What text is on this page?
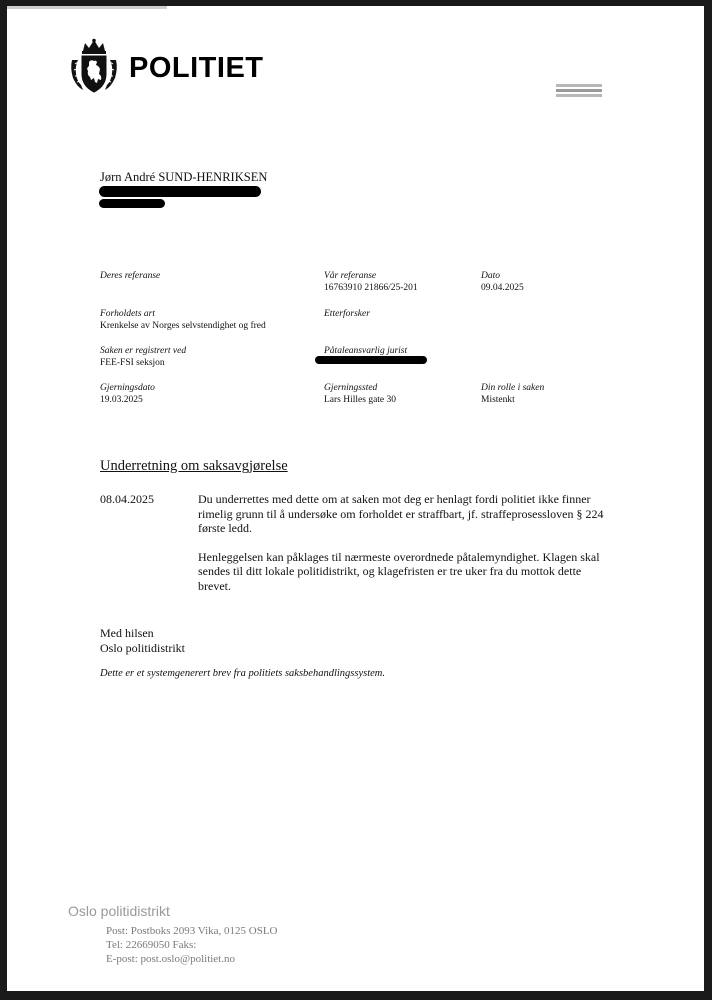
POLITIET
Jørn André SUND-HENRIKSEN
Deres referanse	Vår referanse
16763910 21866/25-201
Dato
09.04.2025
Forholdets art
Krenkelse av Norges selvstendighet og fred
Etterforsker
Saken er registrert ved
FEE-FSI seksjon
Påtaleansvarlig jurist
Gjerningsdato
19.03.2025
Gjerningssted
Lars Hilles gate 30
Din rolle i saken
Mistenkt
Underretning om saksavgjørelse
08.04.2025	Du underrettes med dette om at saken mot deg er henlagt fordi politiet ikke finner rimelig grunn til å undersøke om forholdet er straffbart, jf. straffeprosessloven § 224 første ledd.

Henleggelsen kan påklages til nærmeste overordnede påtalemyndighet. Klagen skal sendes til ditt lokale politidistrikt, og klagefristen er tre uker fra du mottok dette brevet.

Med hilsen
Oslo politidistrikt
Dette er et systemgenerert brev fra politiets saksbehandlingssystem.
Oslo politidistrikt
Post: Postboks 2093 Vika, 0125 OSLO
Tel: 22669050 Faks:
E-post: post.oslo@politiet.no
